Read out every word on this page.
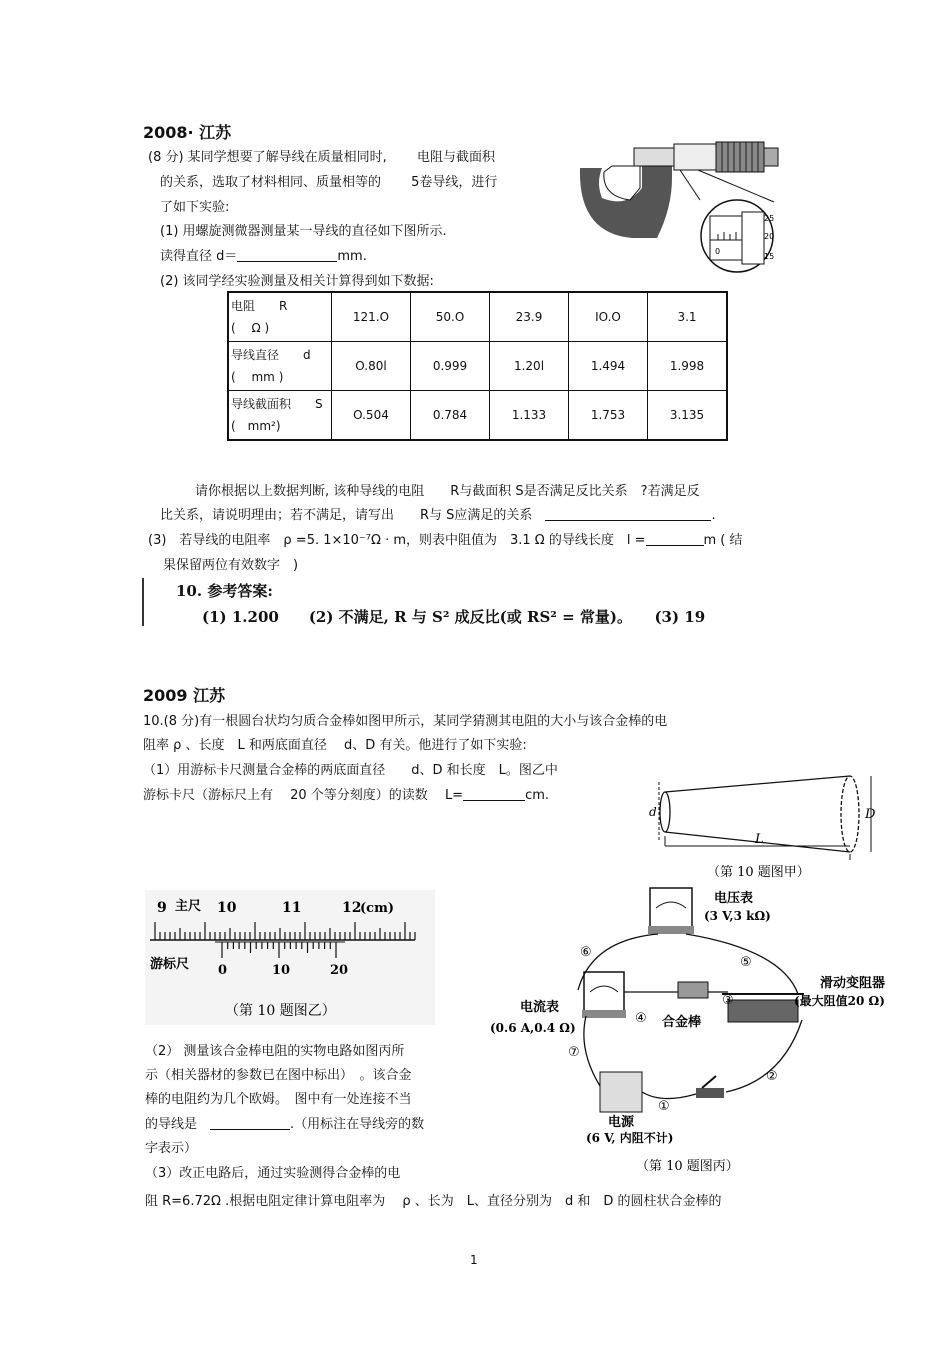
2008· 江苏
(8 分) 某同学想要了解导线在质量相同时, 　　电阻与截面积
的关系，选取了材料相同、质量相等的 　　5卷导线，进行
了如下实验:
(1) 用螺旋测微器测量某一导线的直径如下图所示.
读得直径 d＝	mm.
(2) 该同学经实验测量及相关计算得到如下数据:
25
20
15
0
电阻　　R
(　 Ω )	121.O	50.O	23.9	IO.O	3.1

导线直径　　d
(　 mm )	O.80l	0.999	1.20l	1.494	1.998

导线截面积　　S
(　mm²)	O.504	0.784	1.133	1.753	3.135
请你根据以上数据判断, 该种导线的电阻　　R与截面积 S是否满足反比关系　?若满足反
比关系，请说明理由；若不满足，请写出　　R与 S应满足的关系　	.
(3)　若导线的电阻率　ρ =5. 1×10⁻⁷Ω · m，则表中阻值为　3.1 Ω 的导线长度　l =	m ( 结
果保留两位有效数字　)
10. 参考答案:
(1) 1.200　　(2) 不满足, R 与 S² 成反比(或 RS² = 常量)。　　(3) 19
2009 江苏
10.(8 分)有一根圆台状均匀质合金棒如图甲所示，某同学猜测其电阻的大小与该合金棒的电
阻率 ρ 、长度　L 和两底面直径　 d、D 有关。他进行了如下实验:
（1）用游标卡尺测量合金棒的两底面直径　　d、D 和长度　L。图乙中
游标卡尺（游标尺上有　 20 个等分刻度）的读数　 L=	cm.
d	D
L
（第 10 题图甲）
9 主尺 10	11	12
(cm)
游标尺 0	10	20
（第 10 题图乙）
电压表
(3 V,3 kΩ)
电流表
(0.6 A,0.4 Ω)	合金棒
滑动变阻器
(最大阻值20 Ω)
电源
(6 V, 内阻不计)
⑥
⑤
③
④
②
①
⑦
（第 10 题图丙）
（2） 测量该合金棒电阻的实物电路如图丙所
示（相关器材的参数已在图中标出）　。该合金
棒的电阻约为几个欧姆。　图中有一处连接不当
的导线是　	.（用标注在导线旁的数
字表示）
（3）改正电路后，通过实验测得合金棒的电
阻 R=6.72Ω .根据电阻定律计算电阻率为　 ρ 、长为　L、直径分别为　d 和　D 的圆柱状合金棒的
1
